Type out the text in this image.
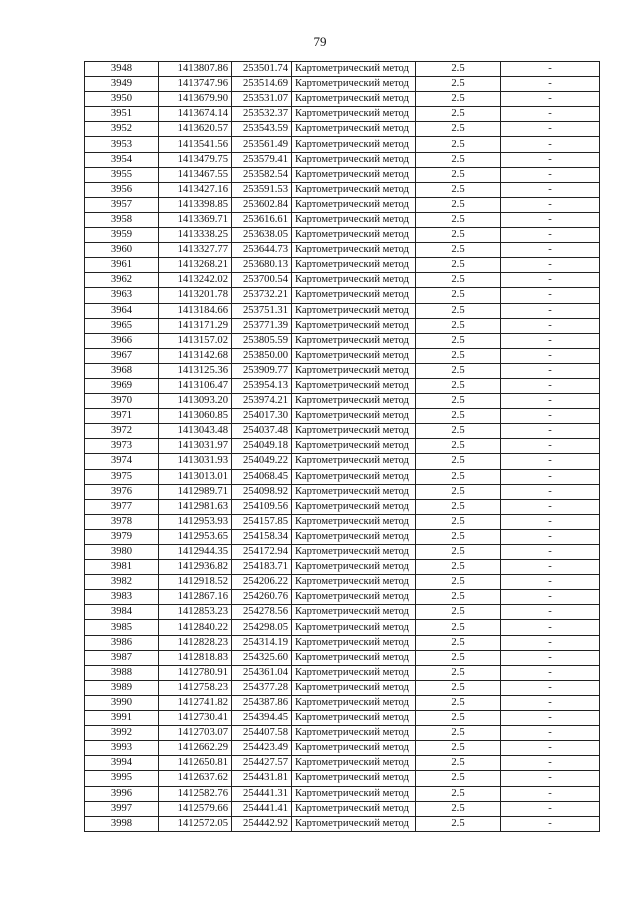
79
3948	1413807.86	253501.74	Картометрический метод	2.5	-
3949	1413747.96	253514.69	Картометрический метод	2.5	-
3950	1413679.90	253531.07	Картометрический метод	2.5	-
3951	1413674.14	253532.37	Картометрический метод	2.5	-
3952	1413620.57	253543.59	Картометрический метод	2.5	-
3953	1413541.56	253561.49	Картометрический метод	2.5	-
3954	1413479.75	253579.41	Картометрический метод	2.5	-
3955	1413467.55	253582.54	Картометрический метод	2.5	-
3956	1413427.16	253591.53	Картометрический метод	2.5	-
3957	1413398.85	253602.84	Картометрический метод	2.5	-
3958	1413369.71	253616.61	Картометрический метод	2.5	-
3959	1413338.25	253638.05	Картометрический метод	2.5	-
3960	1413327.77	253644.73	Картометрический метод	2.5	-
3961	1413268.21	253680.13	Картометрический метод	2.5	-
3962	1413242.02	253700.54	Картометрический метод	2.5	-
3963	1413201.78	253732.21	Картометрический метод	2.5	-
3964	1413184.66	253751.31	Картометрический метод	2.5	-
3965	1413171.29	253771.39	Картометрический метод	2.5	-
3966	1413157.02	253805.59	Картометрический метод	2.5	-
3967	1413142.68	253850.00	Картометрический метод	2.5	-
3968	1413125.36	253909.77	Картометрический метод	2.5	-
3969	1413106.47	253954.13	Картометрический метод	2.5	-
3970	1413093.20	253974.21	Картометрический метод	2.5	-
3971	1413060.85	254017.30	Картометрический метод	2.5	-
3972	1413043.48	254037.48	Картометрический метод	2.5	-
3973	1413031.97	254049.18	Картометрический метод	2.5	-
3974	1413031.93	254049.22	Картометрический метод	2.5	-
3975	1413013.01	254068.45	Картометрический метод	2.5	-
3976	1412989.71	254098.92	Картометрический метод	2.5	-
3977	1412981.63	254109.56	Картометрический метод	2.5	-
3978	1412953.93	254157.85	Картометрический метод	2.5	-
3979	1412953.65	254158.34	Картометрический метод	2.5	-
3980	1412944.35	254172.94	Картометрический метод	2.5	-
3981	1412936.82	254183.71	Картометрический метод	2.5	-
3982	1412918.52	254206.22	Картометрический метод	2.5	-
3983	1412867.16	254260.76	Картометрический метод	2.5	-
3984	1412853.23	254278.56	Картометрический метод	2.5	-
3985	1412840.22	254298.05	Картометрический метод	2.5	-
3986	1412828.23	254314.19	Картометрический метод	2.5	-
3987	1412818.83	254325.60	Картометрический метод	2.5	-
3988	1412780.91	254361.04	Картометрический метод	2.5	-
3989	1412758.23	254377.28	Картометрический метод	2.5	-
3990	1412741.82	254387.86	Картометрический метод	2.5	-
3991	1412730.41	254394.45	Картометрический метод	2.5	-
3992	1412703.07	254407.58	Картометрический метод	2.5	-
3993	1412662.29	254423.49	Картометрический метод	2.5	-
3994	1412650.81	254427.57	Картометрический метод	2.5	-
3995	1412637.62	254431.81	Картометрический метод	2.5	-
3996	1412582.76	254441.31	Картометрический метод	2.5	-
3997	1412579.66	254441.41	Картометрический метод	2.5	-
3998	1412572.05	254442.92	Картометрический метод	2.5	-
